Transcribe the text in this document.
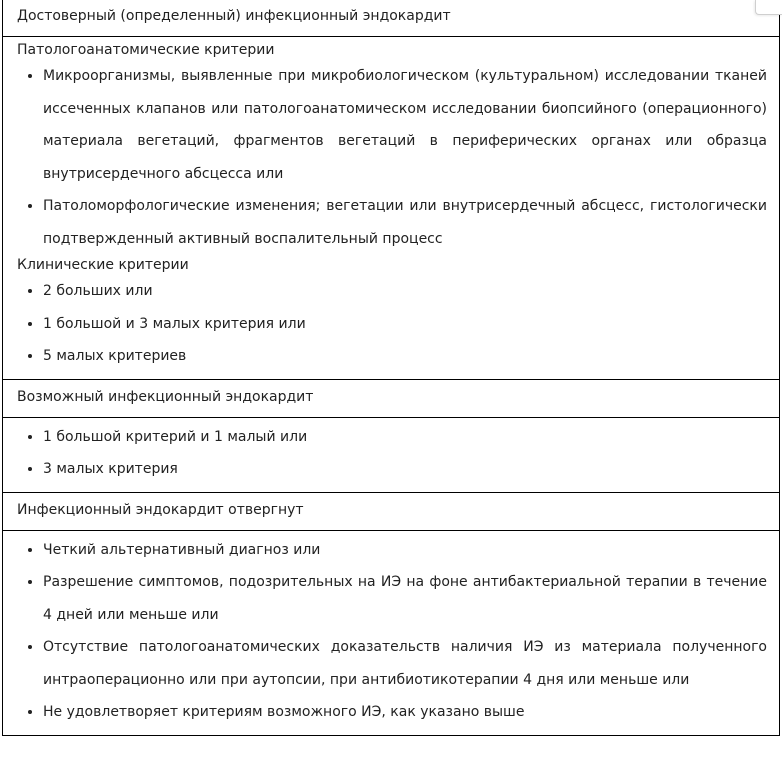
Достоверный (определенный) инфекционный эндокардит

Патологоанатомические критерии
• Микроорганизмы, выявленные при микробиологическом (культуральном) исследовании тканей иссеченных клапанов или патологоанатомическом исследовании биопсийного (операционного) материала вегетаций, фрагментов вегетаций в периферических органах или образца внутрисердечного абсцесса или
• Патоломорфологические изменения; вегетации или внутрисердечный абсцесс, гистологически подтвержденный активный воспалительный процесс
Клинические критерии
• 2 больших или
• 1 большой и 3 малых критерия или
• 5 малых критериев

Возможный инфекционный эндокардит

• 1 большой критерий и 1 малый или
• 3 малых критерия

Инфекционный эндокардит отвергнут

• Четкий альтернативный диагноз или
• Разрешение симптомов, подозрительных на ИЭ на фоне антибактериальной терапии в течение 4 дней или меньше или
• Отсутствие патологоанатомических доказательств наличия ИЭ из материала полученного интраоперационно или при аутопсии, при антибиотикотерапии 4 дня или меньше или
• Не удовлетворяет критериям возможного ИЭ, как указано выше
